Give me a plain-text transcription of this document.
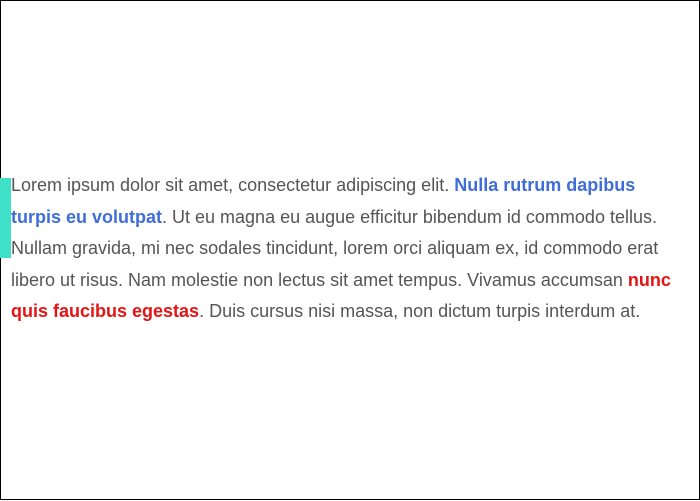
Lorem ipsum dolor sit amet, consectetur adipiscing elit. Nulla rutrum dapibus turpis eu volutpat. Ut eu magna eu augue efficitur bibendum id commodo tellus. Nullam gravida, mi nec sodales tincidunt, lorem orci aliquam ex, id commodo erat libero ut risus. Nam molestie non lectus sit amet tempus. Vivamus accumsan nunc quis faucibus egestas. Duis cursus nisi massa, non dictum turpis interdum at.
